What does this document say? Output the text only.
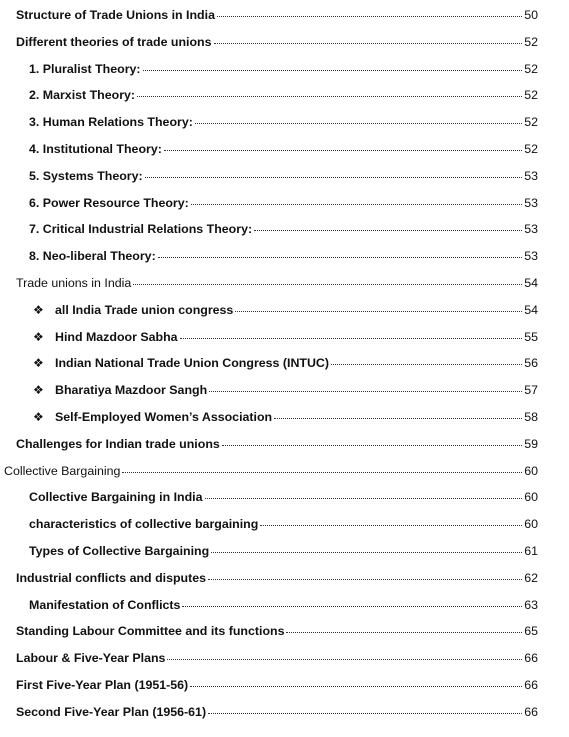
Structure of Trade Unions in India	50
Different theories of trade unions	52
1. Pluralist Theory:	52
2. Marxist Theory:	52
3. Human Relations Theory:	52
4. Institutional Theory:	52
5. Systems Theory:	53
6. Power Resource Theory:	53
7. Critical Industrial Relations Theory:	53
8. Neo-liberal Theory:	53
Trade unions in India	54
❖ all India Trade union congress	54
❖ Hind Mazdoor Sabha	55
❖ Indian National Trade Union Congress (INTUC)	56
❖ Bharatiya Mazdoor Sangh	57
❖ Self-Employed Women’s Association	58
Challenges for Indian trade unions	59
Collective Bargaining	60
Collective Bargaining in India	60
characteristics of collective bargaining	60
Types of Collective Bargaining	61
Industrial conflicts and disputes	62
Manifestation of Conflicts	63
Standing Labour Committee and its functions	65
Labour & Five-Year Plans	66
First Five-Year Plan (1951-56)	66
Second Five-Year Plan (1956-61)	66
